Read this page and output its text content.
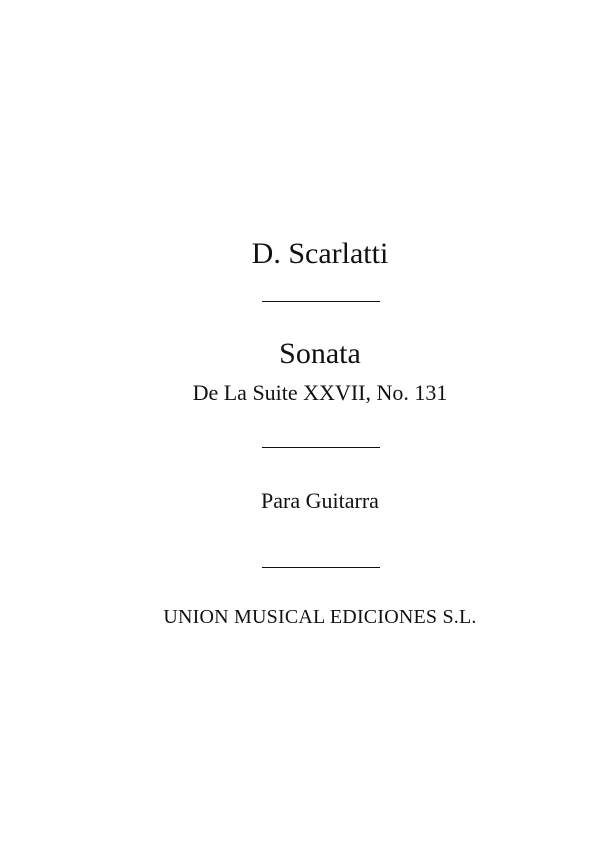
D. Scarlatti
Sonata
De La Suite XXVII, No. 131
Para Guitarra
UNION MUSICAL EDICIONES S.L.
